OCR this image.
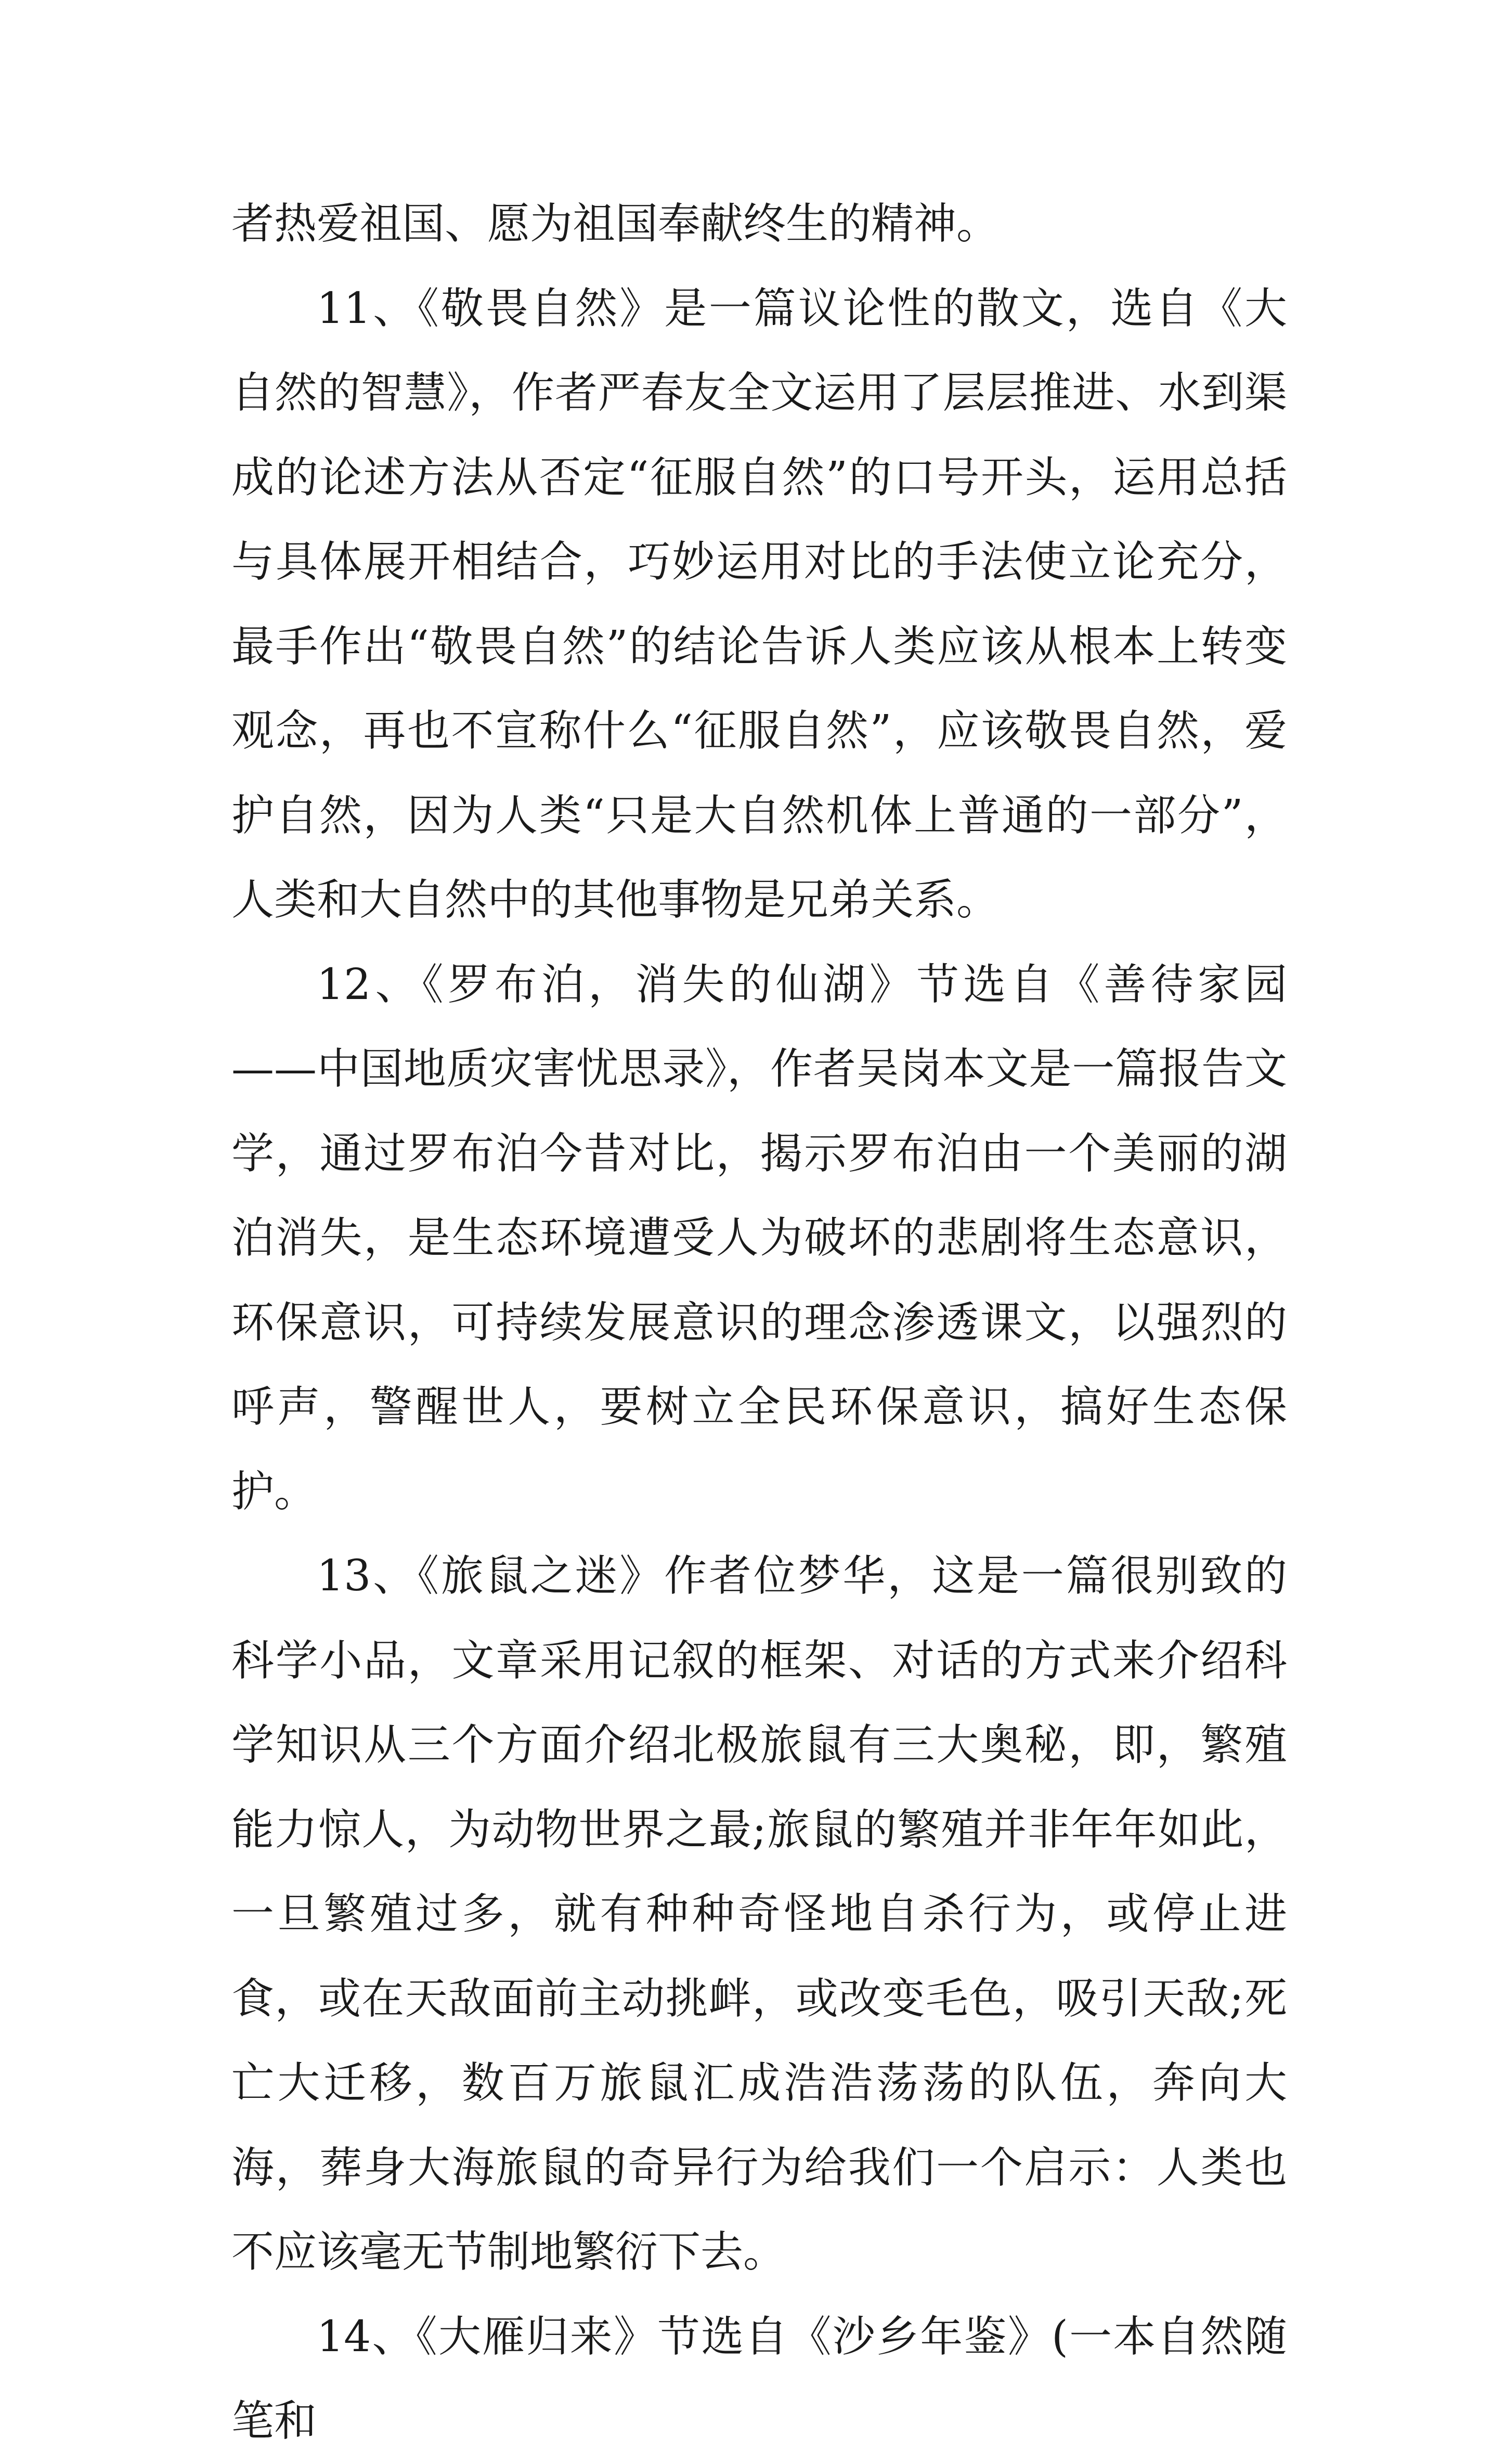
者热爱祖国、愿为祖国奉献终生的精神。

11、《敬畏自然》是一篇议论性的散文，选自《大自然的智慧》，作者严春友全文运用了层层推进、水到渠成的论述方法从否定“征服自然”的口号开头，运用总括与具体展开相结合，巧妙运用对比的手法使立论充分，最手作出“敬畏自然”的结论告诉人类应该从根本上转变观念，再也不宣称什么“征服自然”，应该敬畏自然，爱护自然，因为人类“只是大自然机体上普通的一部分”，人类和大自然中的其他事物是兄弟关系。

12、《罗布泊，消失的仙湖》节选自《善待家园——中国地质灾害忧思录》，作者吴岗本文是一篇报告文学，通过罗布泊今昔对比，揭示罗布泊由一个美丽的湖泊消失，是生态环境遭受人为破坏的悲剧将生态意识，环保意识，可持续发展意识的理念渗透课文，以强烈的呼声，警醒世人，要树立全民环保意识，搞好生态保护。

13、《旅鼠之迷》作者位梦华，这是一篇很别致的科学小品，文章采用记叙的框架、对话的方式来介绍科学知识从三个方面介绍北极旅鼠有三大奥秘，即，繁殖能力惊人，为动物世界之最;旅鼠的繁殖并非年年如此，一旦繁殖过多，就有种种奇怪地自杀行为，或停止进食，或在天敌面前主动挑衅，或改变毛色，吸引天敌;死亡大迁移，数百万旅鼠汇成浩浩荡荡的队伍，奔向大海，葬身大海旅鼠的奇异行为给我们一个启示：人类也不应该毫无节制地繁衍下去。

14、《大雁归来》节选自《沙乡年鉴》(一本自然随笔和
